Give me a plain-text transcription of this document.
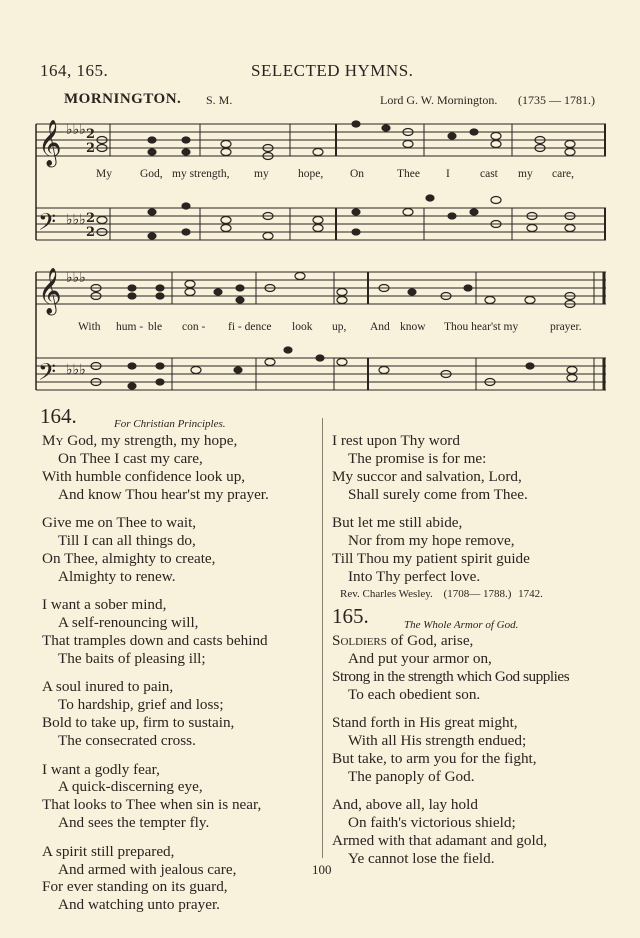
164, 165.	SELECTED HYMNS.
MORNINGTON. S. M.	Lord G. W. Mornington. (1735 — 1781.)
𝄞
𝄢
𝄞
𝄢
♭♭♭
♭♭♭
♭♭♭
♭♭♭
2
2
2
2
My God, my strength, my	hope, On	Thee I	cast my care,
With hum - ble con - fi - dence look up, And know Thou hear'st my	prayer.
164.	For Christian Principles.
My God, my strength, my hope,
On Thee I cast my care,
With humble confidence look up,
And know Thou hear'st my prayer.
Give me on Thee to wait,
Till I can all things do,
On Thee, almighty to create,
Almighty to renew.
I want a sober mind,
A self-renouncing will,
That tramples down and casts behind
The baits of pleasing ill;
A soul inured to pain,
To hardship, grief and loss;
Bold to take up, firm to sustain,
The consecrated cross.
I want a godly fear,
A quick-discerning eye,
That looks to Thee when sin is near,
And sees the tempter fly.
A spirit still prepared,
And armed with jealous care,
For ever standing on its guard,
And watching unto prayer.
I rest upon Thy word
The promise is for me:
My succor and salvation, Lord,
Shall surely come from Thee.
But let me still abide,
Nor from my hope remove,
Till Thou my patient spirit guide
Into Thy perfect love.
Rev. Charles Wesley. (1708— 1788.) 1742.
165.	The Whole Armor of God.
Soldiers of God, arise,
And put your armor on,
Strong in the strength which God supplies
To each obedient son.
Stand forth in His great might,
With all His strength endued;
But take, to arm you for the fight,
The panoply of God.
And, above all, lay hold
On faith's victorious shield;
Armed with that adamant and gold,
Ye cannot lose the field.
100
